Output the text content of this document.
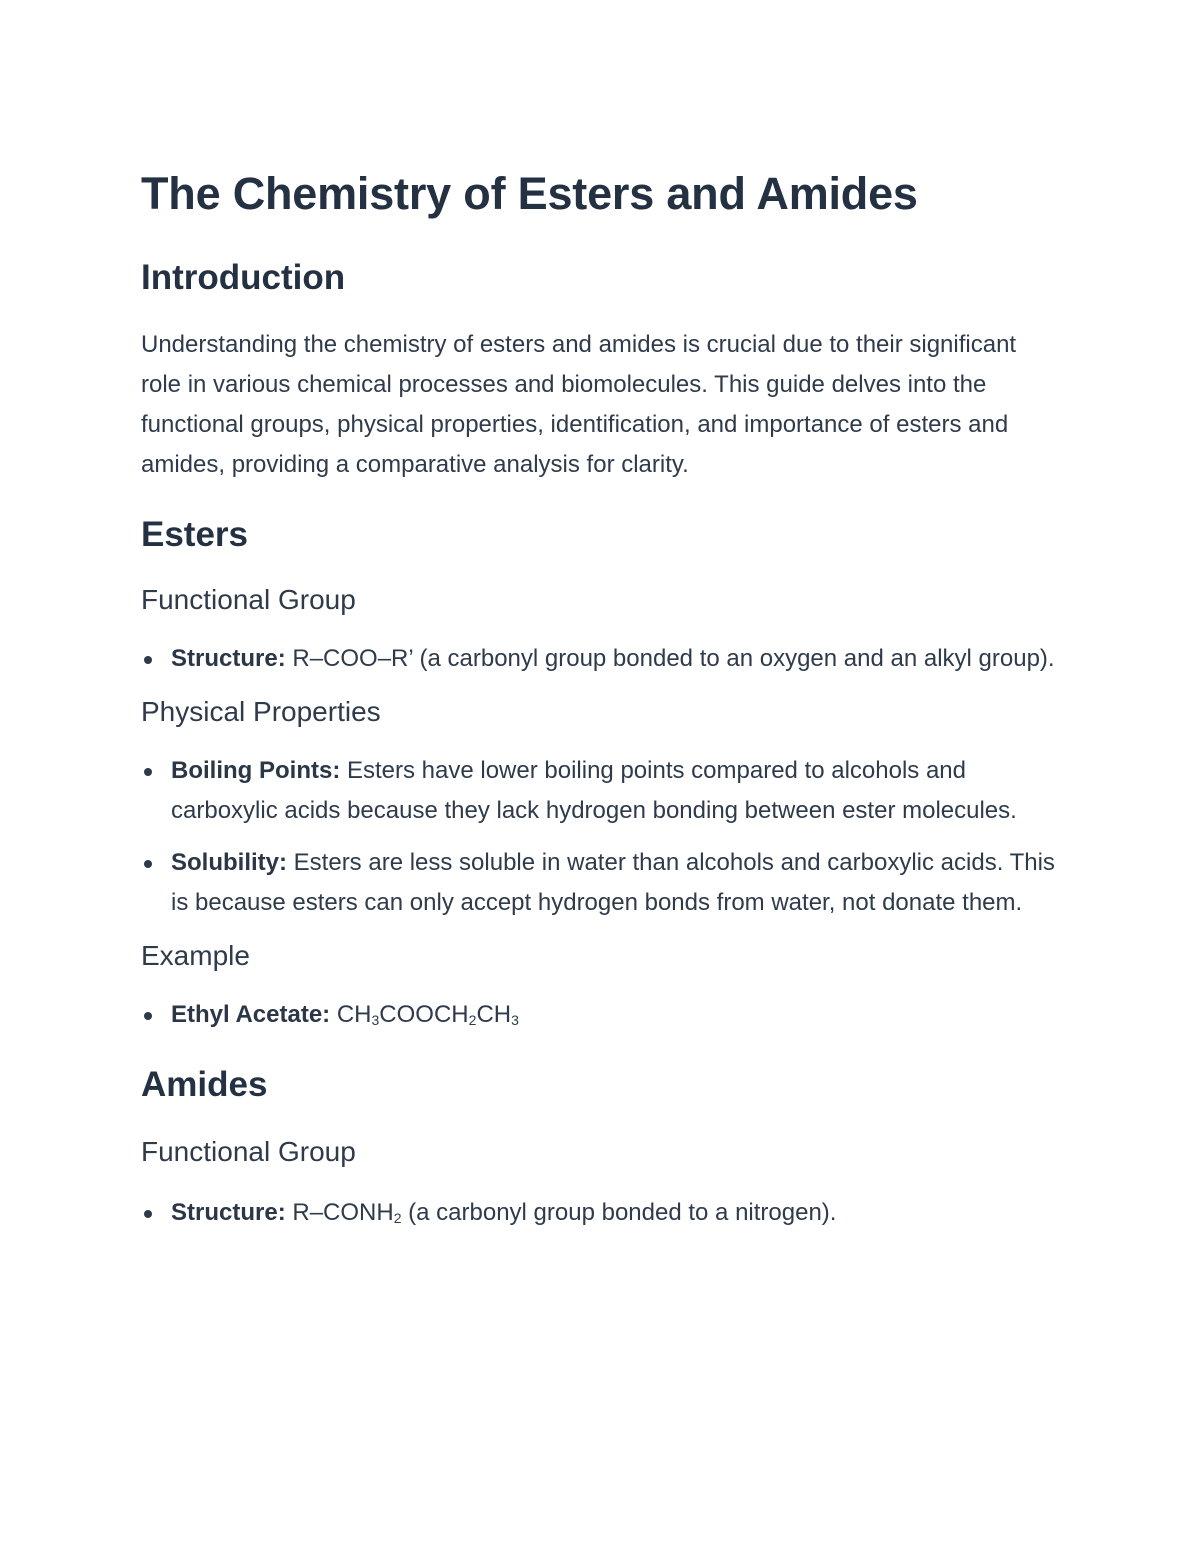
The Chemistry of Esters and Amides
Introduction

Understanding the chemistry of esters and amides is crucial due to their significant role in various chemical processes and biomolecules. This guide delves into the functional groups, physical properties, identification, and importance of esters and amides, providing a comparative analysis for clarity.

Esters
Functional Group
Structure: R–COO–R’ (a carbonyl group bonded to an oxygen and an alkyl group).
Physical Properties
Boiling Points: Esters have lower boiling points compared to alcohols and carboxylic acids because they lack hydrogen bonding between ester molecules.
Solubility: Esters are less soluble in water than alcohols and carboxylic acids. This is because esters can only accept hydrogen bonds from water, not donate them.
Example
Ethyl Acetate: $CH_3COOCH_2CH_3$
Amides
Functional Group
Structure: $R-CONH_2$ (a carbonyl group bonded to a nitrogen).
